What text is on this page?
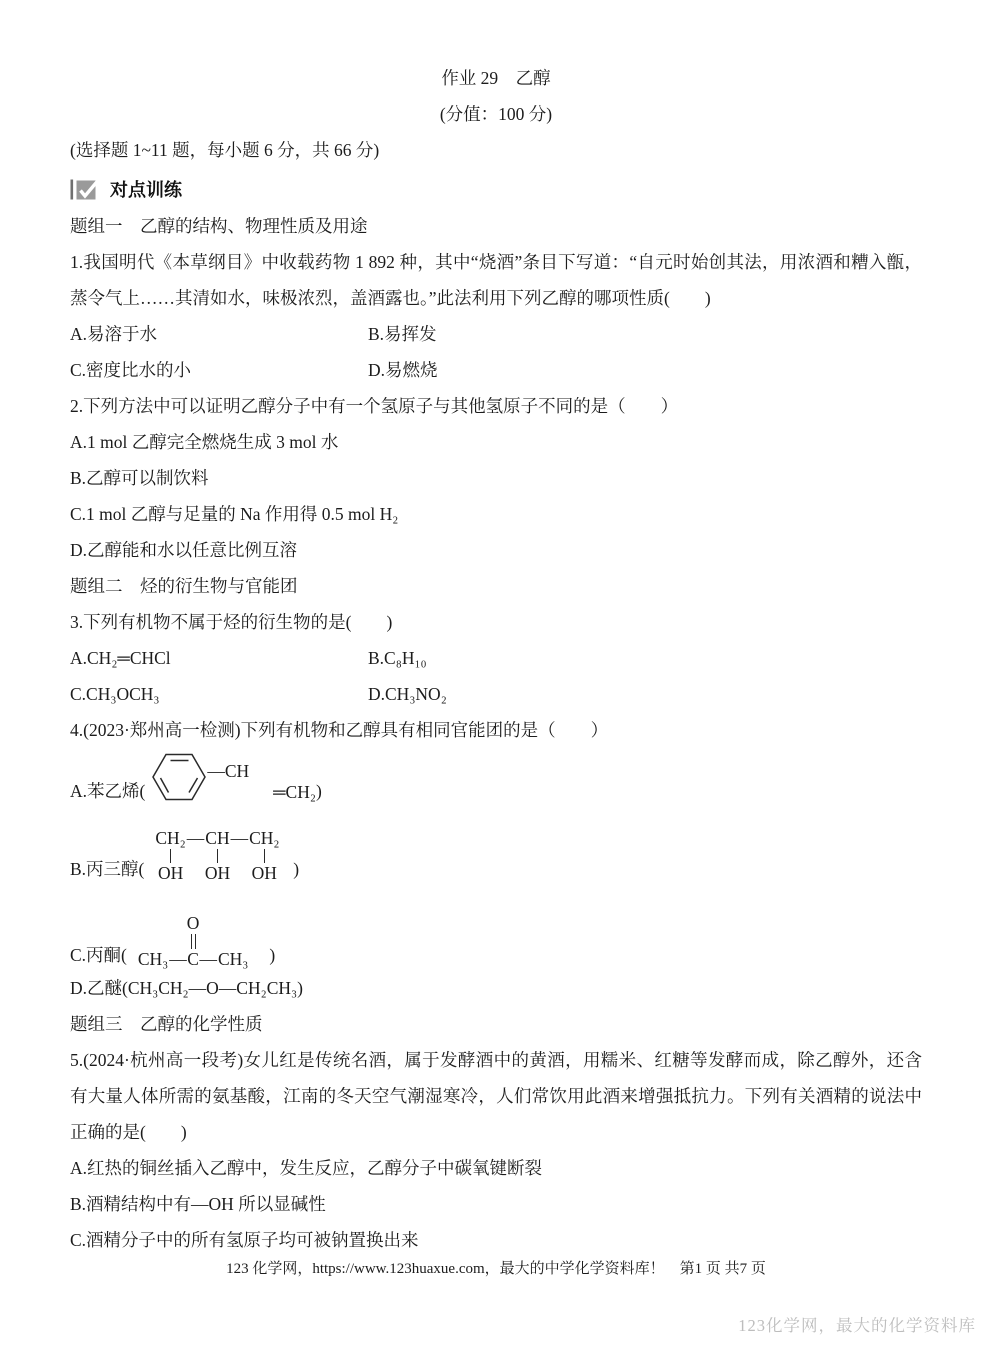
作业 29　乙醇

(分值：100 分)

(选择题 1~11 题，每小题 6 分，共 66 分)

对点训练

题组一　乙醇的结构、物理性质及用途

1.我国明代《本草纲目》中收载药物 1 892 种，其中“烧酒”条目下写道：“自元时始创其法，用浓酒和糟入甑，蒸令气上……其清如水，味极浓烈，盖酒露也。”此法利用下列乙醇的哪项性质(　　)

A.易溶于水	B.易挥发
C.密度比水的小	D.易燃烧

2.下列方法中可以证明乙醇分子中有一个氢原子与其他氢原子不同的是（　　）

A.1 mol 乙醇完全燃烧生成 3 mol 水

B.乙醇可以制饮料

C.1 mol 乙醇与足量的 Na 作用得 0.5 mol H₂

D.乙醇能和水以任意比例互溶

题组二　烃的衍生物与官能团

3.下列有机物不属于烃的衍生物的是(　　)

A.CH₂═CHCl	B.C₈H₁₀
C.CH₃OCH₃	D.CH₃NO₂

4.(2023·郑州高一检测)下列有机物和乙醇具有相同官能团的是（　　）

A.苯乙烯(
—CH
═CH₂ )
B.丙三醇(
CH₂ — CH — CH₂
OH OH OH )
C.丙酮(
O
CH₃ — C — CH₃ )

D.乙醚(CH₃CH₂—O—CH₂CH₃)

题组三　乙醇的化学性质

5.(2024·杭州高一段考)女儿红是传统名酒，属于发酵酒中的黄酒，用糯米、红糖等发酵而成，除乙醇外，还含有大量人体所需的氨基酸，江南的冬天空气潮湿寒冷，人们常饮用此酒来增强抵抗力。下列有关酒精的说法中正确的是(　　)

A.红热的铜丝插入乙醇中，发生反应，乙醇分子中碳氧键断裂

B.酒精结构中有—OH 所以显碱性

C.酒精分子中的所有氢原子均可被钠置换出来

123 化学网，https://www.123huaxue.com，最大的中学化学资料库！　第1 页 共7 页
123化学网，最大的化学资料库
